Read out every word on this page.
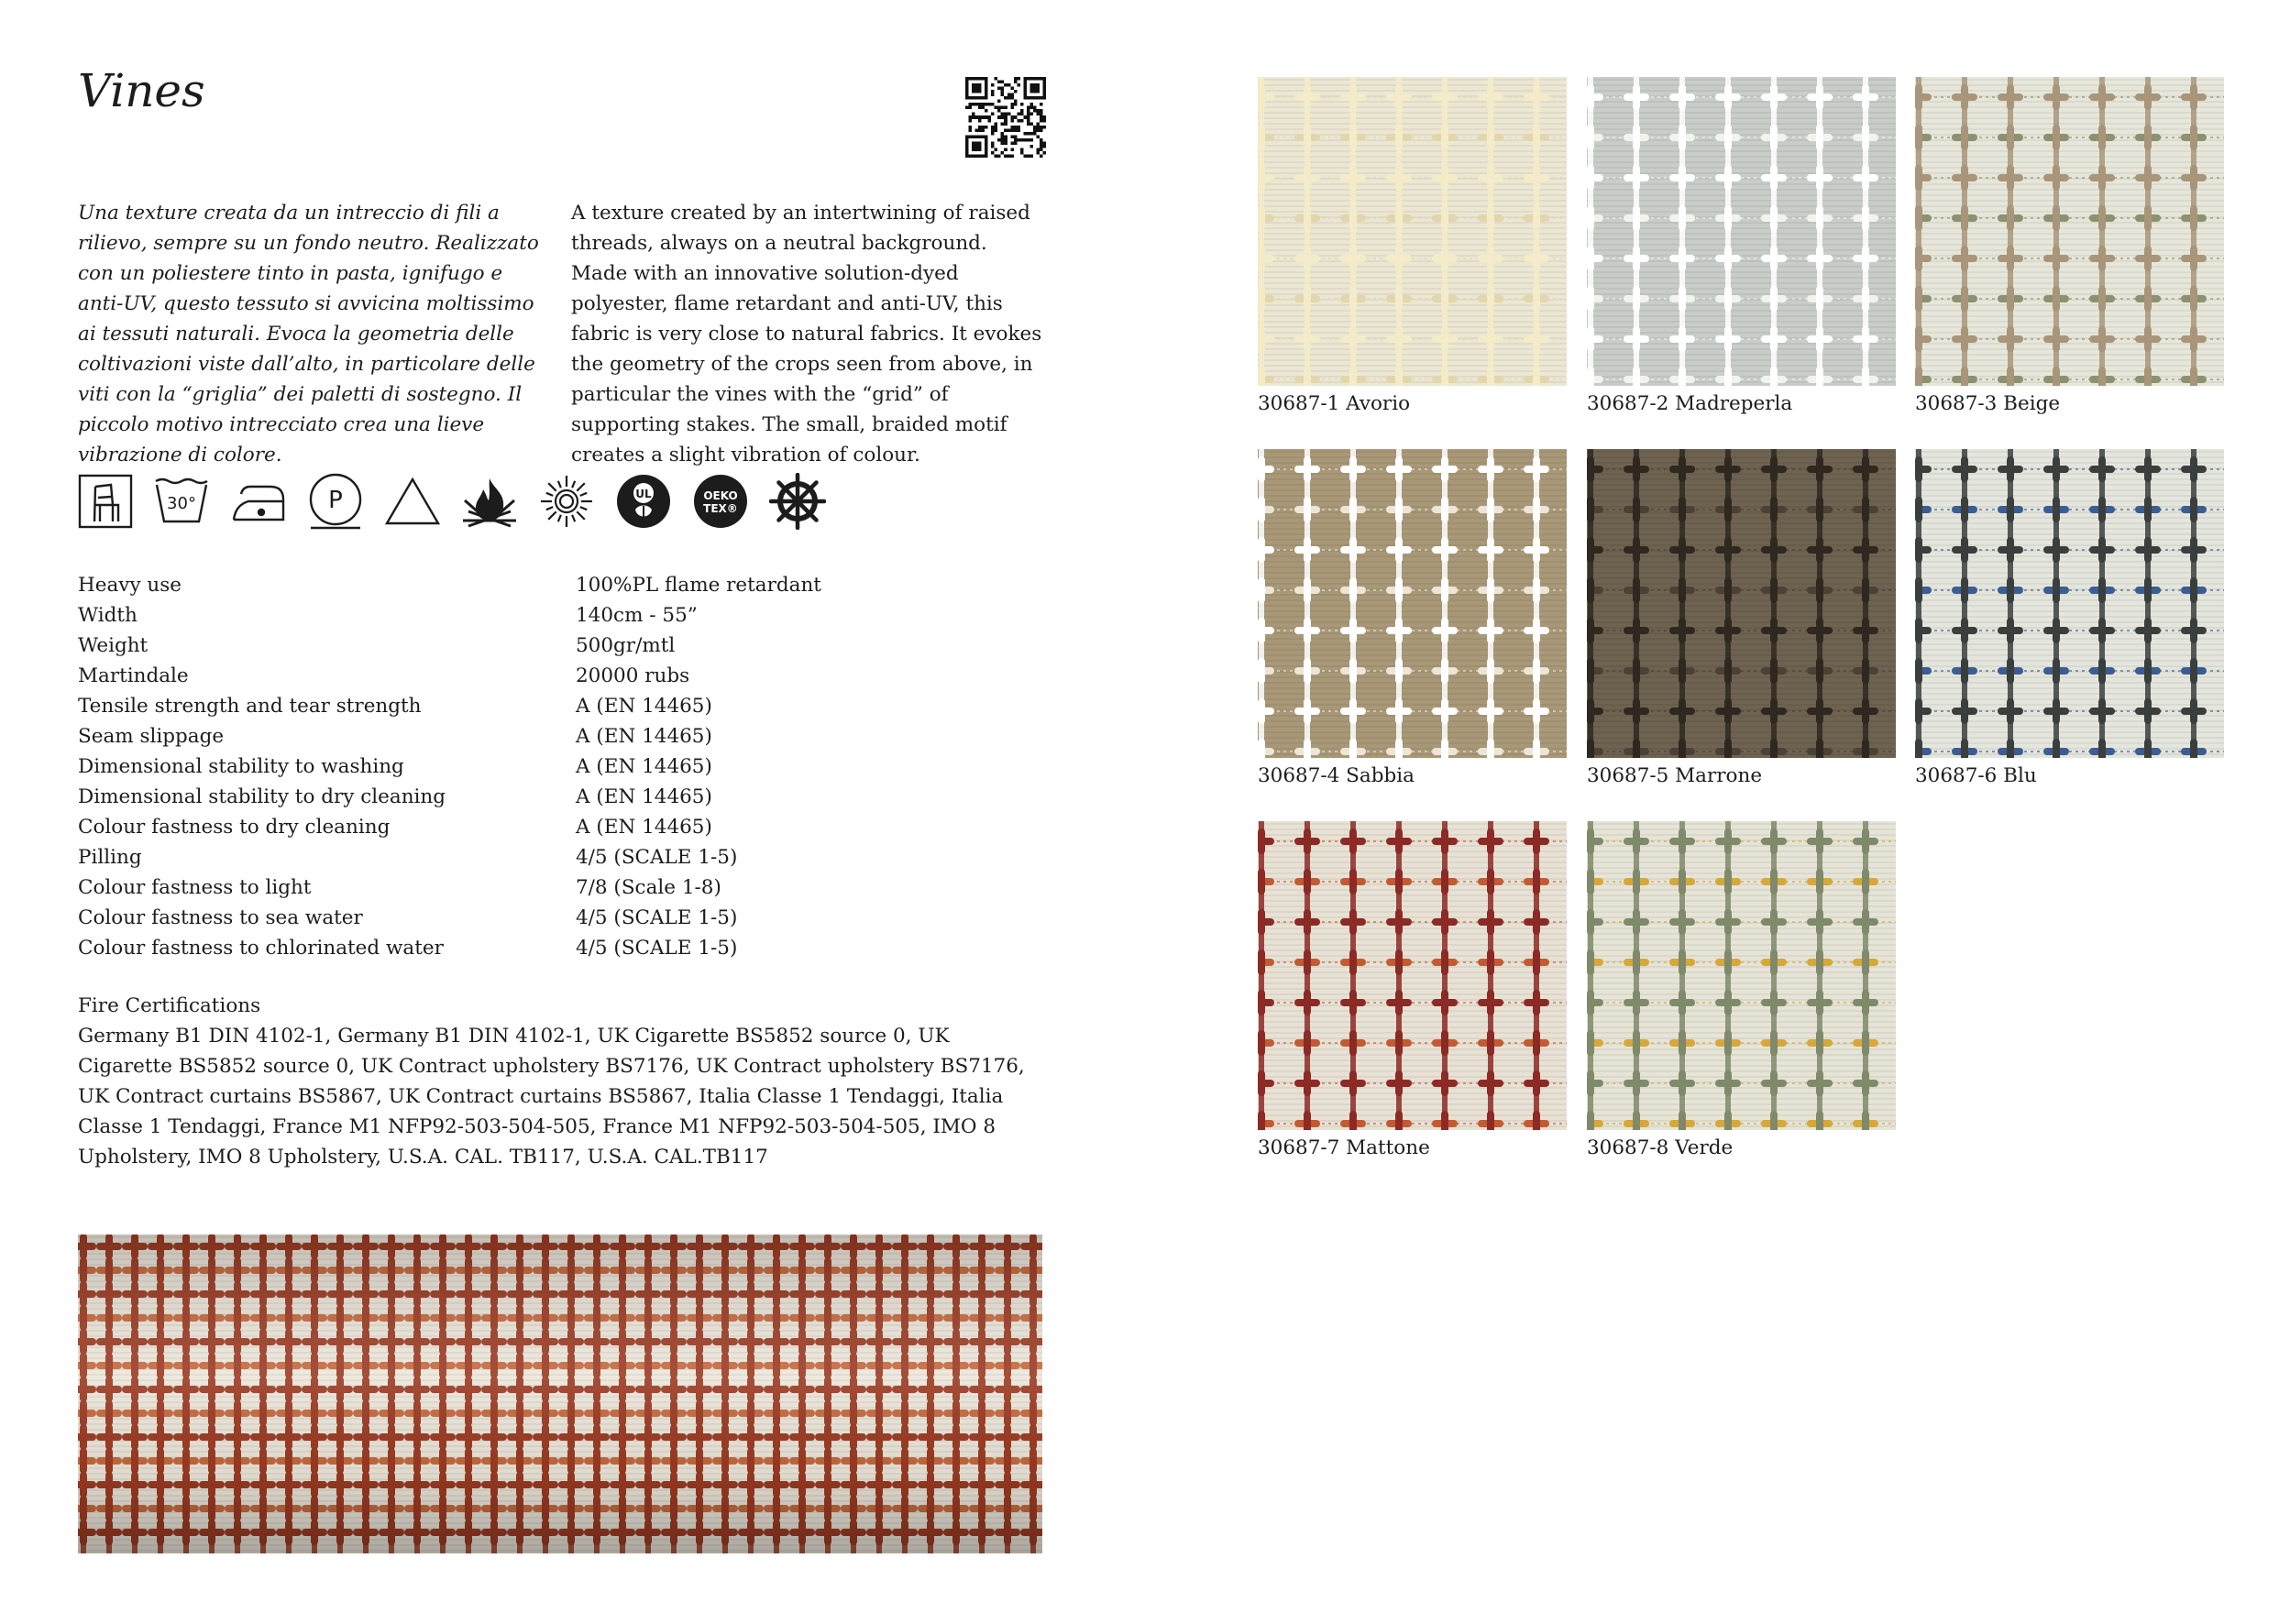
Vines

Una texture creata da un intreccio di fili a rilievo, sempre su un fondo neutro. Realizzato con un poliestere tinto in pasta, ignifugo e anti-UV, questo tessuto si avvicina moltissimo ai tessuti naturali. Evoca la geometria delle coltivazioni viste dall’alto, in particolare delle viti con la “griglia” dei paletti di sostegno. Il piccolo motivo intrecciato crea una lieve vibrazione di colore.

A texture created by an intertwining of raised threads, always on a neutral background. Made with an innovative solution-dyed polyester, flame retardant and anti-UV, this fabric is very close to natural fabrics. It evokes the geometry of the crops seen from above, in particular the vines with the “grid” of supporting stakes. The small, braided motif creates a slight vibration of colour.

30°	P	UL	OEKO
TEX®
Heavy use	100%PL flame retardant
Width	140cm - 55”
Weight	500gr/mtl
Martindale	20000 rubs
Tensile strength and tear strength	A (EN 14465)
Seam slippage	A (EN 14465)
Dimensional stability to washing	A (EN 14465)
Dimensional stability to dry cleaning	A (EN 14465)
Colour fastness to dry cleaning	A (EN 14465)
Pilling	4/5 (SCALE 1-5)
Colour fastness to light	7/8 (Scale 1-8)
Colour fastness to sea water	4/5 (SCALE 1-5)
Colour fastness to chlorinated water	4/5 (SCALE 1-5)

Fire Certifications

Germany B1 DIN 4102-1, Germany B1 DIN 4102-1, UK Cigarette BS5852 source 0, UK Cigarette BS5852 source 0, UK Contract upholstery BS7176, UK Contract upholstery BS7176, UK Contract curtains BS5867, UK Contract curtains BS5867, Italia Classe 1 Tendaggi, Italia Classe 1 Tendaggi, France M1 NFP92-503-504-505, France M1 NFP92-503-504-505, IMO 8 Upholstery, IMO 8 Upholstery, U.S.A. CAL. TB117, U.S.A. CAL.TB117

30687-1 Avorio	30687-2 Madreperla	30687-3 Beige
30687-4 Sabbia	30687-5 Marrone	30687-6 Blu
30687-7 Mattone	30687-8 Verde
